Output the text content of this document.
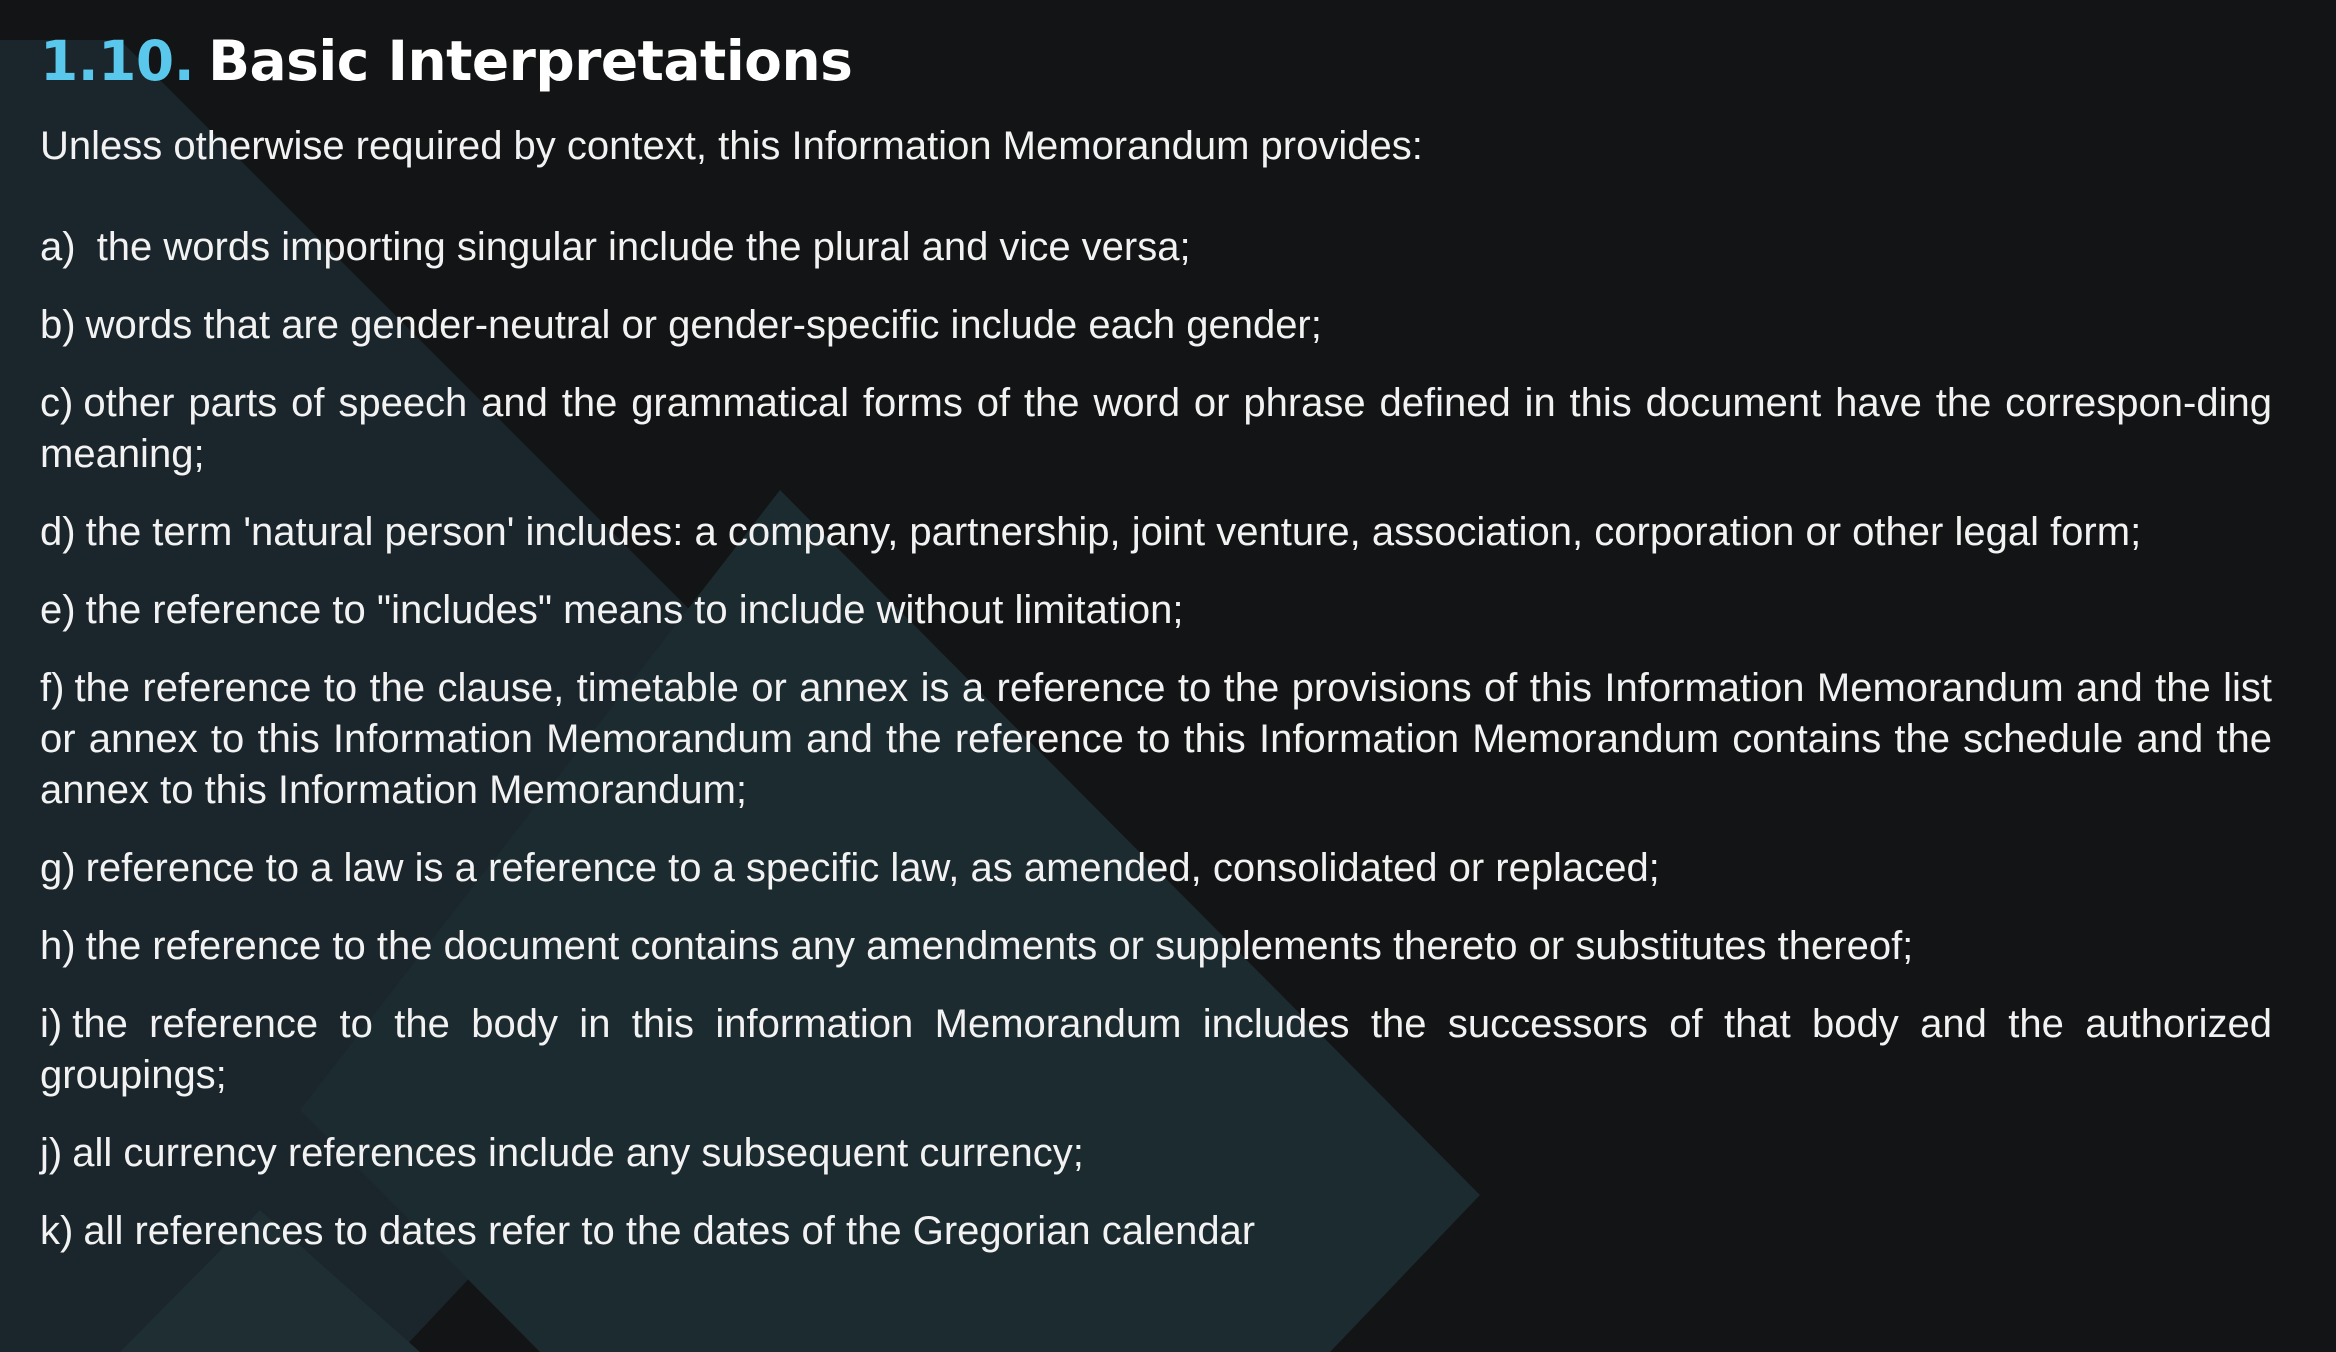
1.10. Basic Interpretations

Unless otherwise required by context, this Information Memorandum provides:

a) the words importing singular include the plural and vice versa;
b) words that are gender-neutral or gender-specific include each gender;
c) other parts of speech and the grammatical forms of the word or phrase defined in this document have the correspon-ding meaning;
d) the term 'natural person' includes: a company, partnership, joint venture, association, corporation or other legal form;
e) the reference to "includes" means to include without limitation;
f) the reference to the clause, timetable or annex is a reference to the provisions of this Information Memorandum and the list or annex to this Information Memorandum and the reference to this Information Memorandum contains the schedule and the annex to this Information Memorandum;
g) reference to a law is a reference to a specific law, as amended, consolidated or replaced;
h) the reference to the document contains any amendments or supplements thereto or substitutes thereof;
i) the reference to the body in this information Memorandum includes the successors of that body and the authorized groupings;
j) all currency references include any subsequent currency;
k) all references to dates refer to the dates of the Gregorian calendar
